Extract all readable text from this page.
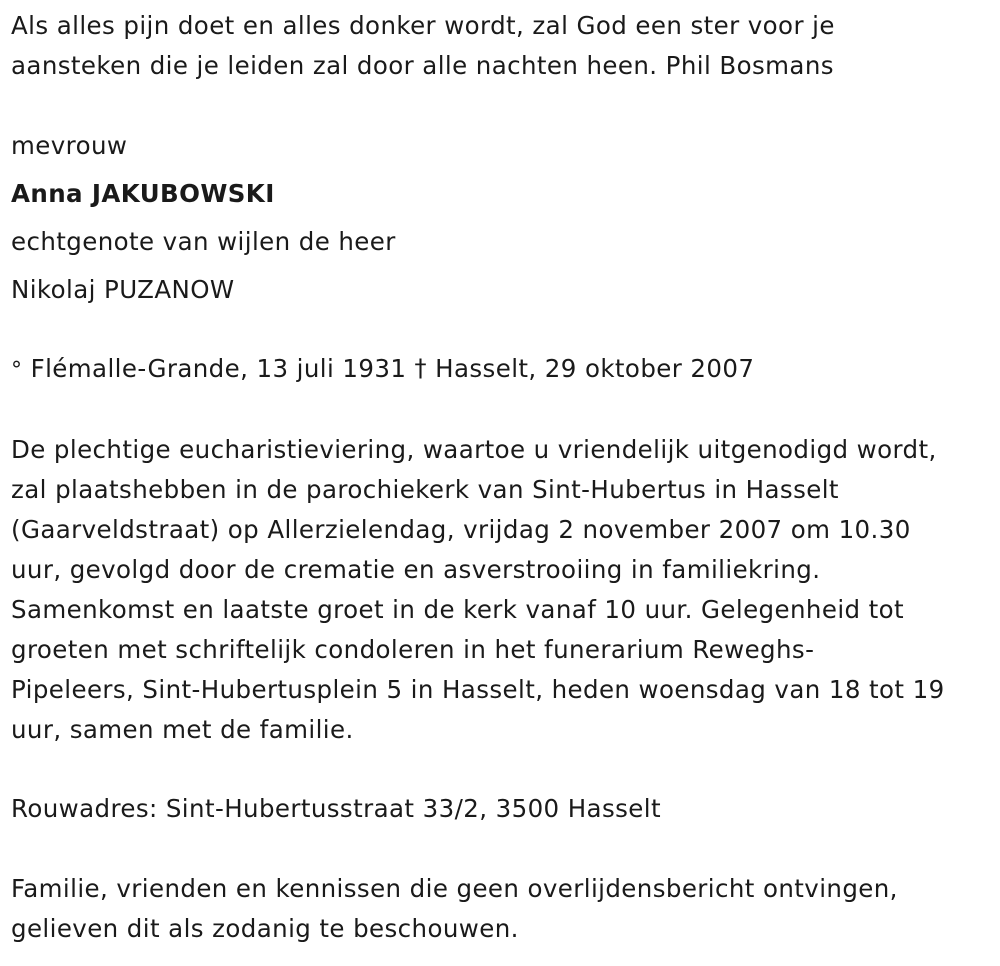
Als alles pijn doet en alles donker wordt, zal God een ster voor je
aansteken die je leiden zal door alle nachten heen. Phil Bosmans
mevrouw
Anna JAKUBOWSKI
echtgenote van wijlen de heer
Nikolaj PUZANOW
° Flémalle-Grande, 13 juli 1931 † Hasselt, 29 oktober 2007
De plechtige eucharistieviering, waartoe u vriendelijk uitgenodigd wordt,
zal plaatshebben in de parochiekerk van Sint-Hubertus in Hasselt
(Gaarveldstraat) op Allerzielendag, vrijdag 2 november 2007 om 10.30
uur, gevolgd door de crematie en asverstrooiing in familiekring.
Samenkomst en laatste groet in de kerk vanaf 10 uur. Gelegenheid tot
groeten met schriftelijk condoleren in het funerarium Reweghs-
Pipeleers, Sint-Hubertusplein 5 in Hasselt, heden woensdag van 18 tot 19
uur, samen met de familie.
Rouwadres: Sint-Hubertusstraat 33/2, 3500 Hasselt
Familie, vrienden en kennissen die geen overlijdensbericht ontvingen,
gelieven dit als zodanig te beschouwen.
